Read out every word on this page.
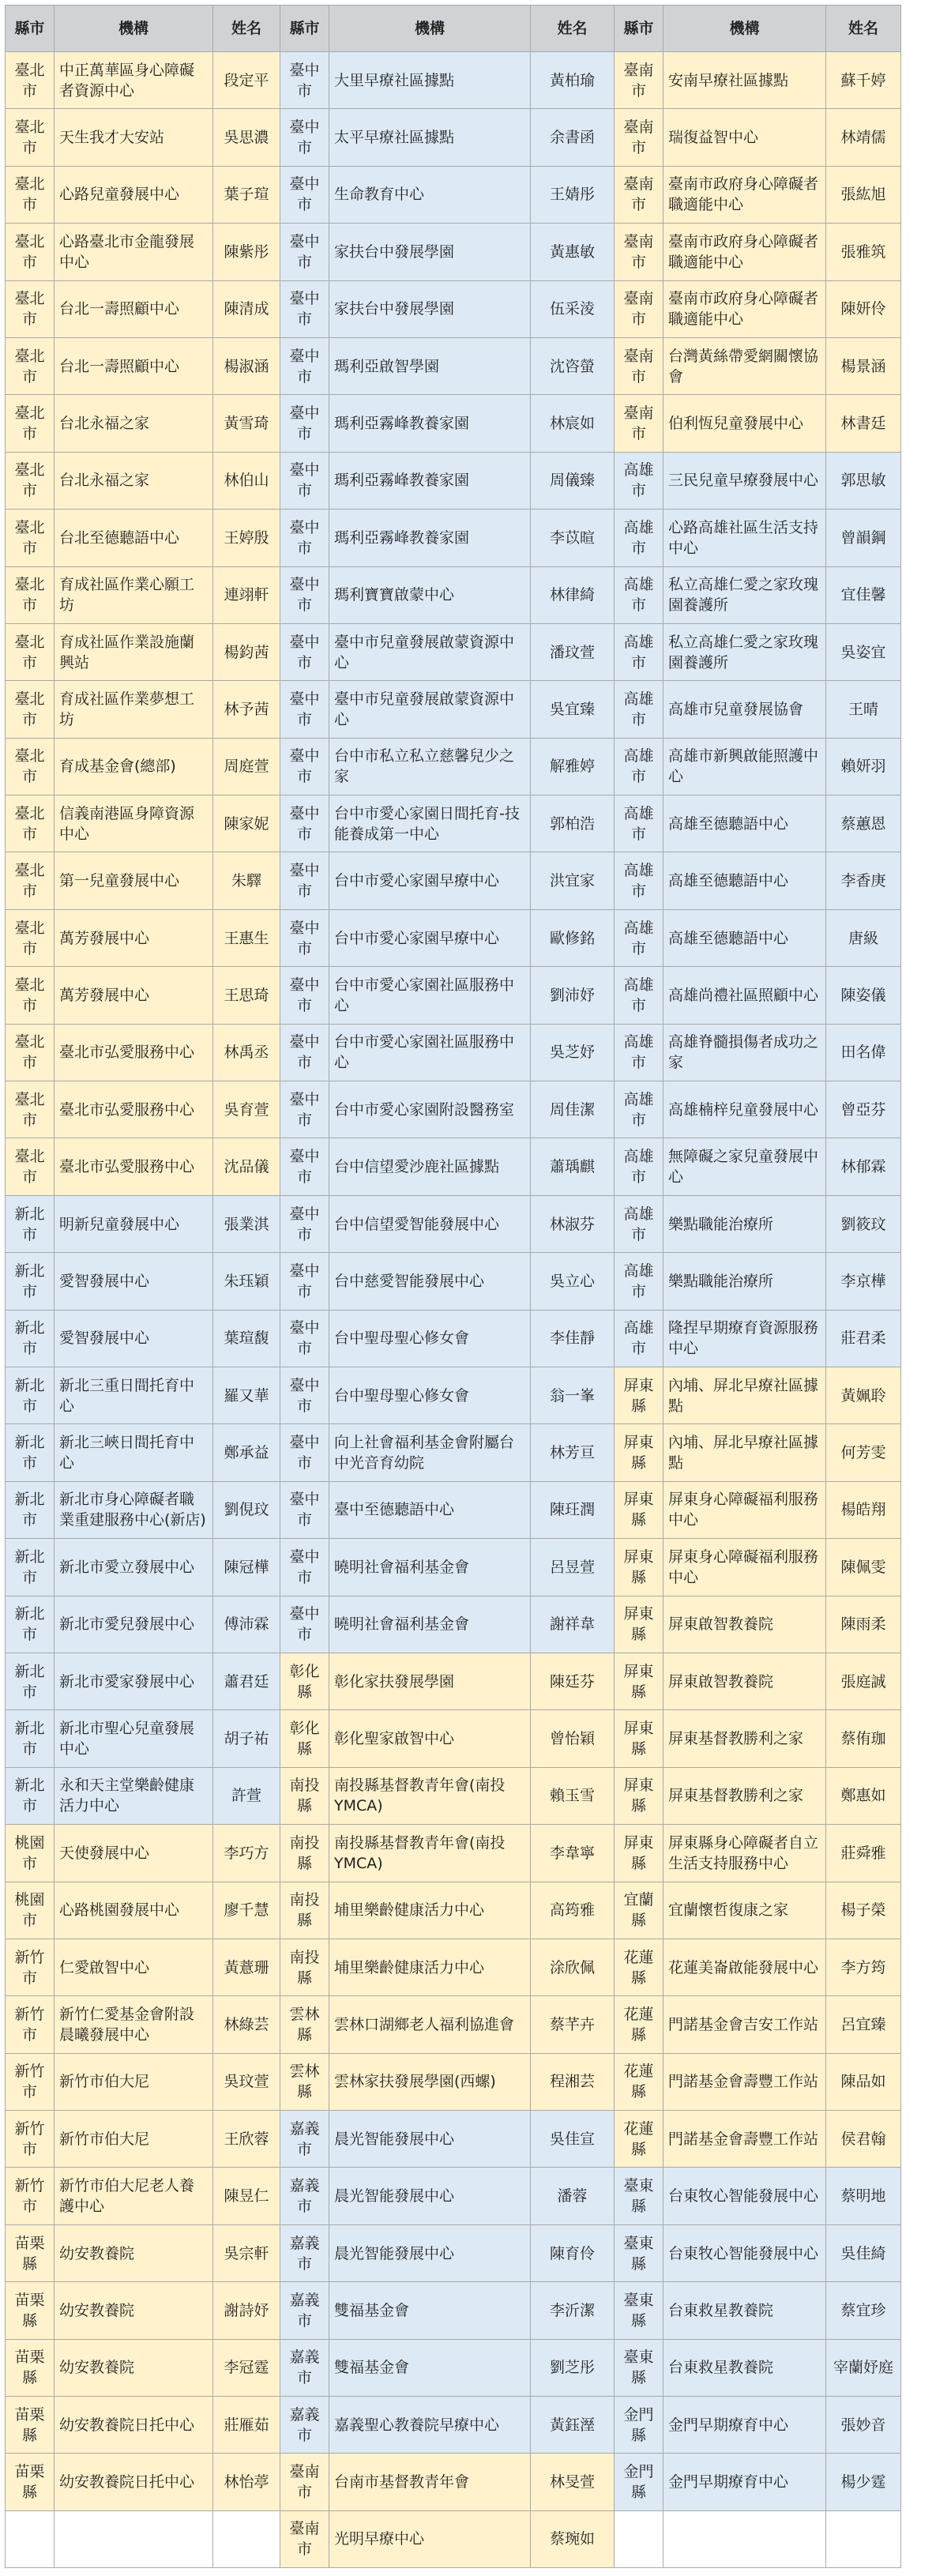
縣市	機構	姓名	縣市	機構	姓名	縣市	機構	姓名
臺北市	中正萬華區身心障礙者資源中心	段定平	臺中市	大里早療社區據點	黃柏瑜	臺南市	安南早療社區據點	蘇千婷
臺北市	天生我才大安站	吳思濃	臺中市	太平早療社區據點	余書函	臺南市	瑞復益智中心	林靖儒
臺北市	心路兒童發展中心	葉子瑄	臺中市	生命教育中心	王婧彤	臺南市	臺南市政府身心障礙者職適能中心	張紘旭
臺北市	心路臺北市金龍發展中心	陳紫彤	臺中市	家扶台中發展學園	黃惠敏	臺南市	臺南市政府身心障礙者職適能中心	張雅筑
臺北市	台北一壽照顧中心	陳清成	臺中市	家扶台中發展學園	伍采淩	臺南市	臺南市政府身心障礙者職適能中心	陳妍伶
臺北市	台北一壽照顧中心	楊淑涵	臺中市	瑪利亞啟智學園	沈咨螢	臺南市	台灣黃絲帶愛網關懷協會	楊景涵
臺北市	台北永福之家	黃雪琦	臺中市	瑪利亞霧峰教養家園	林宸如	臺南市	伯利恆兒童發展中心	林書廷
臺北市	台北永福之家	林伯山	臺中市	瑪利亞霧峰教養家園	周儀臻	高雄市	三民兒童早療發展中心	郭思敏
臺北市	台北至德聽語中心	王婷殷	臺中市	瑪利亞霧峰教養家園	李苡暄	高雄市	心路高雄社區生活支持中心	曾韻鋼
臺北市	育成社區作業心願工坊	連翊軒	臺中市	瑪利寶寶啟蒙中心	林律綺	高雄市	私立高雄仁愛之家玫瑰園養護所	宜佳馨
臺北市	育成社區作業設施蘭興站	楊鈞茜	臺中市	臺中市兒童發展啟蒙資源中心	潘玟萱	高雄市	私立高雄仁愛之家玫瑰園養護所	吳姿宜
臺北市	育成社區作業夢想工坊	林予茜	臺中市	臺中市兒童發展啟蒙資源中心	吳宜臻	高雄市	高雄市兒童發展協會	王晴
臺北市	育成基金會(總部)	周庭萱	臺中市	台中市私立私立慈馨兒少之家	解雅婷	高雄市	高雄市新興啟能照護中心	賴妍羽
臺北市	信義南港區身障資源中心	陳家妮	臺中市	台中市愛心家園日間托育-技能養成第一中心	郭柏浩	高雄市	高雄至德聽語中心	蔡蕙恩
臺北市	第一兒童發展中心	朱驛	臺中市	台中市愛心家園早療中心	洪宜家	高雄市	高雄至德聽語中心	李香庚
臺北市	萬芳發展中心	王惠生	臺中市	台中市愛心家園早療中心	歐修銘	高雄市	高雄至德聽語中心	唐級
臺北市	萬芳發展中心	王思琦	臺中市	台中市愛心家園社區服務中心	劉沛妤	高雄市	高雄尚禮社區照顧中心	陳姿儀
臺北市	臺北市弘愛服務中心	林禹丞	臺中市	台中市愛心家園社區服務中心	吳芝妤	高雄市	高雄脊髓損傷者成功之家	田名偉
臺北市	臺北市弘愛服務中心	吳育萱	臺中市	台中市愛心家園附設醫務室	周佳潔	高雄市	高雄楠梓兒童發展中心	曾亞芬
臺北市	臺北市弘愛服務中心	沈品儀	臺中市	台中信望愛沙鹿社區據點	蕭瑀麒	高雄市	無障礙之家兒童發展中心	林郁霖
新北市	明新兒童發展中心	張業淇	臺中市	台中信望愛智能發展中心	林淑芬	高雄市	樂點職能治療所	劉筱玟
新北市	愛智發展中心	朱珏穎	臺中市	台中慈愛智能發展中心	吳立心	高雄市	樂點職能治療所	李京樺
新北市	愛智發展中心	葉瑄馥	臺中市	台中聖母聖心修女會	李佳靜	高雄市	隆捏早期療育資源服務中心	莊君柔
新北市	新北三重日間托育中心	羅又華	臺中市	台中聖母聖心修女會	翁一峯	屏東縣	內埔、屏北早療社區據點	黃姵聆
新北市	新北三峽日間托育中心	鄭承益	臺中市	向上社會福利基金會附屬台中光音育幼院	林芳亘	屏東縣	內埔、屏北早療社區據點	何芳雯
新北市	新北市身心障礙者職業重建服務中心(新店)	劉俔玟	臺中市	臺中至德聽語中心	陳玨潤	屏東縣	屏東身心障礙福利服務中心	楊皓翔
新北市	新北市愛立發展中心	陳冠樺	臺中市	曉明社會福利基金會	呂昱萱	屏東縣	屏東身心障礙福利服務中心	陳佩雯
新北市	新北市愛兒發展中心	傅沛霖	臺中市	曉明社會福利基金會	謝祥韋	屏東縣	屏東啟智教養院	陳雨柔
新北市	新北市愛家發展中心	蕭君廷	彰化縣	彰化家扶發展學園	陳廷芬	屏東縣	屏東啟智教養院	張庭誠
新北市	新北市聖心兒童發展中心	胡子祐	彰化縣	彰化聖家啟智中心	曾怡穎	屏東縣	屏東基督教勝利之家	蔡侑珈
新北市	永和天主堂樂齡健康活力中心	許萱	南投縣	南投縣基督教青年會(南投YMCA)	賴玉雪	屏東縣	屏東基督教勝利之家	鄭惠如
桃園市	天使發展中心	李巧方	南投縣	南投縣基督教青年會(南投YMCA)	李韋寧	屏東縣	屏東縣身心障礙者自立生活支持服務中心	莊舜雅
桃園市	心路桃園發展中心	廖千慧	南投縣	埔里樂齡健康活力中心	高筠雅	宜蘭縣	宜蘭懷哲復康之家	楊子榮
新竹市	仁愛啟智中心	黃薏珊	南投縣	埔里樂齡健康活力中心	涂欣佩	花蓮縣	花蓮美崙啟能發展中心	李方筠
新竹市	新竹仁愛基金會附設晨曦發展中心	林綠芸	雲林縣	雲林口湖鄉老人福利協進會	蔡芊卉	花蓮縣	門諾基金會吉安工作站	呂宜臻
新竹市	新竹市伯大尼	吳玟萱	雲林縣	雲林家扶發展學園(西螺)	程湘芸	花蓮縣	門諾基金會壽豐工作站	陳品如
新竹市	新竹市伯大尼	王欣蓉	嘉義市	晨光智能發展中心	吳佳宣	花蓮縣	門諾基金會壽豐工作站	侯君翰
新竹市	新竹市伯大尼老人養護中心	陳昱仁	嘉義市	晨光智能發展中心	潘蓉	臺東縣	台東牧心智能發展中心	蔡明地
苗栗縣	幼安教養院	吳宗軒	嘉義市	晨光智能發展中心	陳育伶	臺東縣	台東牧心智能發展中心	吳佳綺
苗栗縣	幼安教養院	謝詩妤	嘉義市	雙福基金會	李沂潔	臺東縣	台東救星教養院	蔡宜珍
苗栗縣	幼安教養院	李冠霆	嘉義市	雙福基金會	劉芝彤	臺東縣	台東救星教養院	宰蘭妤庭
苗栗縣	幼安教養院日托中心	莊雁茹	嘉義市	嘉義聖心教養院早療中心	黃鈺溼	金門縣	金門早期療育中心	張妙音
苗栗縣	幼安教養院日托中心	林怡葶	臺南市	台南市基督教青年會	林旻萱	金門縣	金門早期療育中心	楊少霆
			臺南市	光明早療中心	蔡琬如			
